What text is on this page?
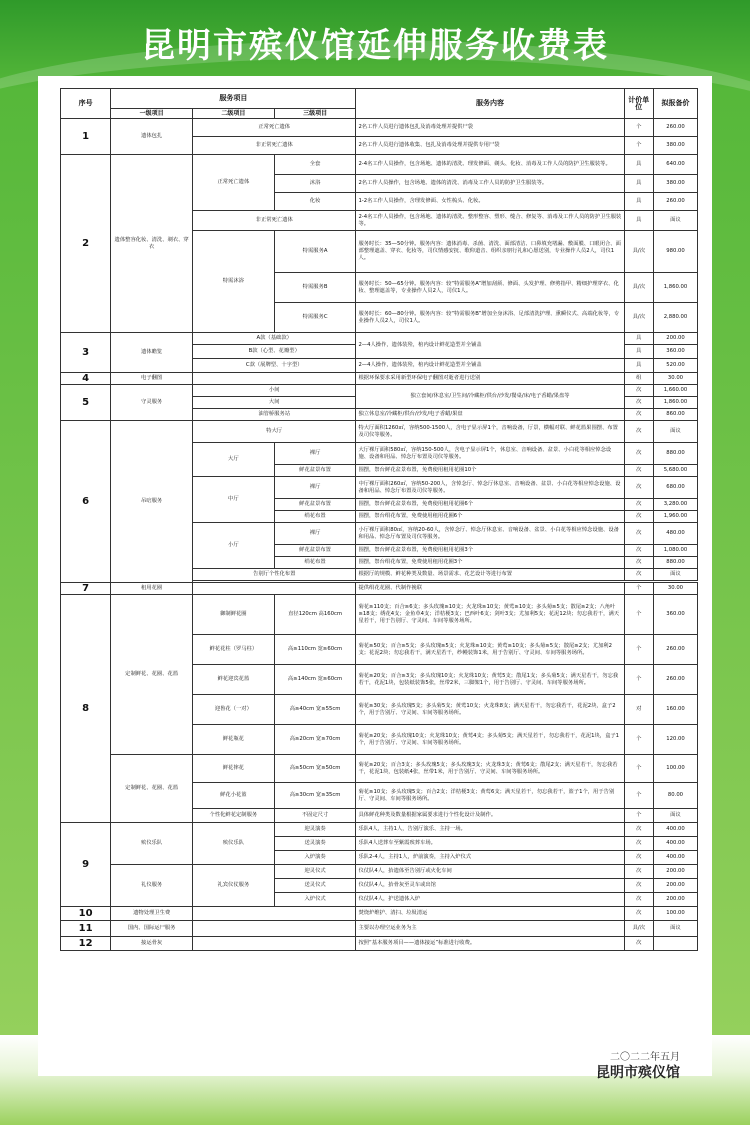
昆明市殡仪馆延伸服务收费表
序号	服务项目			服务内容	计价单位	拟报备价
	一级项目	二级项目	三级项目			
1	遗体包扎	正常死亡遗体		2名工作人员进行遗体包扎及消毒处理并提供尸袋	个	260.00
		非正常死亡遗体		2名工作人员进行遗体收集、包扎及消毒处理并提供专用尸袋	个	380.00
2	遗体整容化妆、清洗、剃衣、穿衣	正常死亡遗体	全套	2-4名工作人员操作，包含场地、遗体的清洗、理发修面、剃头、化妆、消毒及工作人员的防护卫生服装等。	具	640.00
			沐浴	2名工作人员操作，包含场地、遗体的清洗、消毒及工作人员的防护卫生服装等。	具	380.00
			化妆	1-2名工作人员操作，含理发修面、女性梳头、化妆。	具	260.00
		非正常死亡遗体		2-4名工作人员操作，包含场地、遗体的清洗、整形整容、塑形、缝合、修复等、消毒及工作人员的防护卫生服装等。	具	面议
		特需沐浴	特需服务A	服务时长：35—50分钟。服务内容：遗体消毒、杀菌、清洗、面部清洁、口鼻填充堵漏、敷面膜、口眼闭合、面部整理遮盖、穿衣、化妆等，司仪情感安抚、歌仰道音、组织亲朋行礼和心愿送别，专业操作人员2人，司仪1人。	具/次	980.00
			特需服务B	服务时长：50—65分钟。服务内容：较“特需服务A”增加刮须、修面、头发护理、修剪指甲、精细护理穿衣、化妆、整理遮盖等，专业操作人员2人，司仪1人。	具/次	1,860.00
			特需服务C	服务时长：60—80分钟。服务内容：较“特需服务B”增加全身沐浴、足部清洗护理、熏瞬仪式、高端化妆等，专业操作人员2人，司仪1人。	具/次	2,880.00
3	遗体瞻览	A款（基础款）		2—4人操作，遗体装殓，棺内设计鲜花造型并全铺盖	具	200.00
		B款（心型、花瓣型）			具	360.00
		C款（展牌型、十字型）		2—4人操作，遗体装殓，棺内设计鲜花造型并全铺盖	具	520.00
4	电子翻图			根据环保要求采用新型环保电子翻图对逝者进行送别	组	30.00
5	守灵服务	小间		独立套间/休息室/卫生间/冷藏柜/供台/沙发/餐桌/床/电子香蜡/果盘等	次	1,660.00
		大间			次	1,860.00
		油管桥服务站		独立休息室/冷藏柜/供台/沙发/电子香蜡/果盘	次	860.00
6	吊唁服务	特大厅		特大厅面积1260㎡，容纳500-1500人，含电子显示屏1个，音响设备，厅景，横幅对联、鲜花篮果围摆、布置及司仪等服务。	次	面议
		大厅	裸厅	大厅裸厅面积580㎡，容纳150-500人，含电子显示屏1个，休息室、音响设备、盆景、小白花等相应悼念设施、设备和用品、悼念厅布置及司仪等服务。	次	880.00
			鲜花盆景布置	围摆，祭台鲜花盆景布置，免费使用租用花圈10个	次	5,680.00
		中厅	裸厅	中厅裸厅面积260㎡，容纳50-200人，含悼念厅、悼念厅休息室、音响设备、盆景、小白花等相应悼念设施、设备和用品、悼念厅布置及司仪等服务。	次	680.00
			鲜花盆景布置	围摆，祭台鲜花盆景布置，免费使用租用花圈6个	次	3,280.00
			绢花布置	围摆，祭台绢花布置，免费使用租用花圈6个	次	1,960.00
		小厅	裸厅	小厅裸厅面积80㎡，容纳20-60人，含悼念厅、悼念厅休息室、音响设备、盆景、小白花等相应悼念设施、设备和用品、悼念厅布置及司仪等服务。	次	480.00
			鲜花盆景布置	围摆，祭台鲜花盆景布置，免费使用租用花圈3个	次	1,080.00
			绢花布置	围摆，祭台绢花布置，免费使用租用花圈3个	次	880.00
		告别厅个性化布置		根据厅的规模、鲜花种类及数量、场景需求、花艺设计等进行布置	次	面议

7	租用花圈			提供绢花花圈、代制作挽联	个	30.00
8	定制鲜花、花圈、花篮	御制鲜花圈	直径120cm 高160cm	菊花≥110支；百合≥6支；多头玫瑰≥10支；火龙珠≥10支；黄莺≥10支；多头菊≥5支；散尾≥2支；八角叶≥18支；绣花4支；金鱼草4支；洋桔梗3支；巴西叶6支；剑叶3支；尤加利5支；花泥12块；勿忘我若干，满天星若干，用于告别厅、守灵间、车间等服务场所。	个	360.00
		鲜花花柱（罗马柱）	高≥110cm 宽≥60cm	菊花≥50支；百合≥5支；多头玫瑰≥5支；火龙珠≥10支；黄莺≥10支；多头菊≥5支；散尾≥2支；尤加利2支；花泥2块；勿忘我若干，满天星若干，纱幔装饰1米，用于告别厅、守灵间、车间等服务场所。	个	260.00
		鲜花迎宾花篮	高≥140cm 宽≥60cm	菊花≥20支；百合≥3支；多头玫瑰10支；火龙珠10支；黄莺5支；散尾1支；多头菊5支；满天星若干，勿忘我若干，花泥1块，包装纸装饰5张，丝带2米，三脚架1个，用于告别厅、守灵间、车间等服务场所。	个	260.00
		迎鲁花（一对）	高≥40cm 宽≥55cm	菊花≥30支；多头玫瑰5支；多头菊5支；黄莺10支；火龙珠8支；满天星若干，勿忘我若干，花泥2块，盒子2个，用于告别厅、守灵间、车间等服务场所。	对	160.00
		鲜花瓶花	高≥20cm 宽≥70cm	菊花≥20支；多头玫瑰10支；火龙珠10支；黄莺4支；多头菊5支；满天星若干，勿忘我若干，花泥1块，盒子1个，用于告别厅、守灵间、车间等服务场所。	个	120.00
	定制鲜花、花圈、花篮	鲜花摔花	高≥50cm 宽≥50cm	菊花≥20支；百合3支；多头玫瑰5支；多头玫瑰3支；火龙珠3支；黄莺6支；散尾2支；满天星若干，勿忘我若干，花泥1块，包装纸4张，丝带1米，用于告别厅、守灵间、车间等服务场所。	个	100.00
		鲜花小花篮	高≥30cm 宽≥35cm	菊花≥10支；多头玫瑰5支；百合2支；洋桔梗3支；黄莺6支；满天星若干，勿忘我若干，篮子1个，用于告别厅、守灵间、车间等服务场所。	个	80.00
		个性化鲜花定制服务	不固定尺寸	具体鲜花种类及数量根据家属要求进行个性化设计及制作。	个	面议
9	殡仪乐队	殡仪乐队	迎灵演奏	乐队4人，主持1人，告别厅演乐、主持一场。	次	400.00
			送灵演奏	乐队4人送葬车至紫霞殡葬车场。	次	400.00
			入炉演奏	乐队2-4人，主持1人，炉前演奏，主持入炉仪式	次	400.00
	礼仪服务	礼宾仪仗服务	迎灵仪式	仪仗队4人，抬遗体至告别厅或火化车间	次	200.00
			送灵仪式	仪仗队4人，抬骨灰至灵车或出馆	次	200.00
			入炉仪式	仪仗队4人，护送遗体入炉	次	200.00
10	遗物处理卫生费			焚烧炉维护、清扫、垃圾清运	次	100.00
11	国内、国际运尸服务			主要以办理空运业务为主	具/次	面议
12	接运骨灰			按照“基本服务项目——遗体接运”标准进行收费。	次	
二〇二二年五月
昆明市殡仪馆
